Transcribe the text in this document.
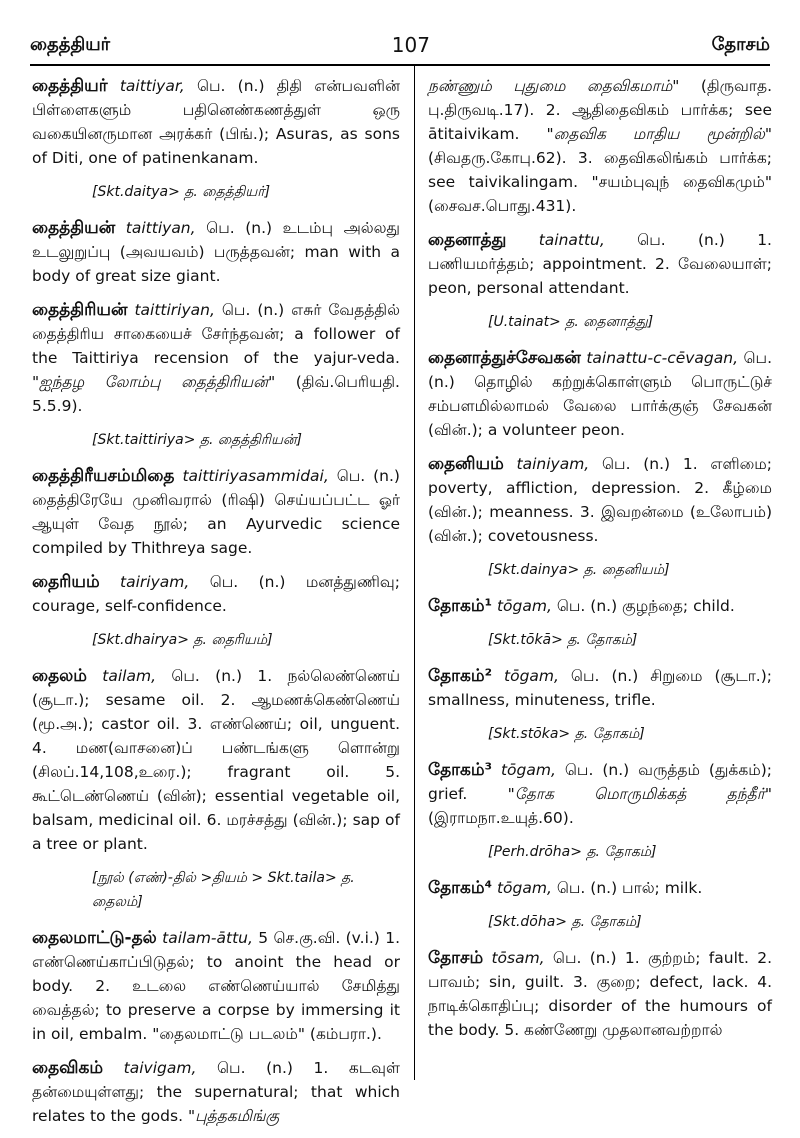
தைத்தியர்	107	தோசம்
தைத்தியர் taittiyar, பெ. (n.) திதி என்பவளின் பிள்ளைகளும் பதினெண்கணத்துள் ஒரு வகையினருமான அரக்கர் (பிங்.); Asuras, as sons of Diti, one of patinenkanam.
[Skt.daitya> த. தைத்தியர்]
தைத்தியன் taittiyan, பெ. (n.) உடம்பு அல்லது உடலுறுப்பு (அவயவம்) பருத்தவன்; man with a body of great size giant.
தைத்திரியன் taittiriyan, பெ. (n.) எசுர் வேதத்தில் தைத்திரிய சாகையைச் சேர்ந்தவன்; a follower of the Taittiriya recension of the yajur-veda. "ஐந்தழ லோம்பு தைத்திரியன்" (திவ்.பெரியதி. 5.5.9).
[Skt.taittiriya> த. தைத்திரியன்]
தைத்திரீயசம்மிதை taittiriyasammidai, பெ. (n.) தைத்திரேயே முனிவரால் (ரிஷி) செய்யப்பட்ட ஓர் ஆயுள் வேத நூல்; an Ayurvedic science compiled by Thithreya sage.
தைரியம் tairiyam, பெ. (n.) மனத்துணிவு; courage, self-confidence.
[Skt.dhairya> த. தைரியம்]
தைலம் tailam, பெ. (n.) 1. நல்லெண்ணெய் (சூடா.); sesame oil. 2. ஆமணக்கெண்ணெய் (மூ.அ.); castor oil. 3. எண்ணெய்; oil, unguent. 4. மண(வாசனை)ப் பண்டங்களு ளொன்று (சிலப்.14,108,உரை.); fragrant oil. 5. கூட்டெண்ணெய் (வின்); essential vegetable oil, balsam, medicinal oil. 6. மரச்சத்து (வின்.); sap of a tree or plant.
[நூல் (எண்)-தில் >தியம் > Skt.taila> த. தைலம்]
தைலமாட்டு-தல் tailam-āttu, 5 செ.கு.வி. (v.i.) 1. எண்ணெய்காப்பிடுதல்; to anoint the head or body. 2. உடலை எண்ணெய்யால் சேமித்து வைத்தல்; to preserve a corpse by immersing it in oil, embalm. "தைலமாட்டு படலம்" (கம்பரா.).
தைவிகம் taivigam, பெ. (n.) 1. கடவுள் தன்மையுள்ளது; the supernatural; that which relates to the gods. "புத்தகமிங்கு
நண்ணும் புதுமை தைவிகமாம்" (திருவாத. பு.திருவடி.17). 2. ஆதிதைவிகம் பார்க்க; see ātitaivikam. "தைவிக மாதிய மூன்றில்" (சிவதரு.கோபு.62). 3. தைவிகலிங்கம் பார்க்க; see taivikalingam. "சயம்புவுந் தைவிகமும்" (சைவச.பொது.431).
தைனாத்து tainattu, பெ. (n.) 1. பணியமர்த்தம்; appointment. 2. வேலையாள்; peon, personal attendant.
[U.tainat> த. தைனாத்து]
தைனாத்துச்சேவகன் tainattu-c-cēvagan, பெ. (n.) தொழில் கற்றுக்கொள்ளும் பொருட்டுச் சம்பளமில்லாமல் வேலை பார்க்குஞ் சேவகன் (வின்.); a volunteer peon.
தைனியம் tainiyam, பெ. (n.) 1. எளிமை; poverty, affliction, depression. 2. கீழ்மை (வின்.); meanness. 3. இவறன்மை (உலோபம்) (வின்.); covetousness.
[Skt.dainya> த. தைனியம்]
தோகம்¹ tōgam, பெ. (n.) குழந்தை; child.
[Skt.tōkā> த. தோகம்]
தோகம்² tōgam, பெ. (n.) சிறுமை (சூடா.); smallness, minuteness, trifle.
[Skt.stōka> த. தோகம்]
தோகம்³ tōgam, பெ. (n.) வருத்தம் (துக்கம்); grief. "தோக மொருமிக்கத் தந்தீர்" (இராமநா.உயுத்.60).
[Perh.drōha> த. தோகம்]
தோகம்⁴ tōgam, பெ. (n.) பால்; milk.
[Skt.dōha> த. தோகம்]
தோசம் tōsam, பெ. (n.) 1. குற்றம்; fault. 2. பாவம்; sin, guilt. 3. குறை; defect, lack. 4. நாடிக்கொதிப்பு; disorder of the humours of the body. 5. கண்ணேறு முதலானவற்றால்
